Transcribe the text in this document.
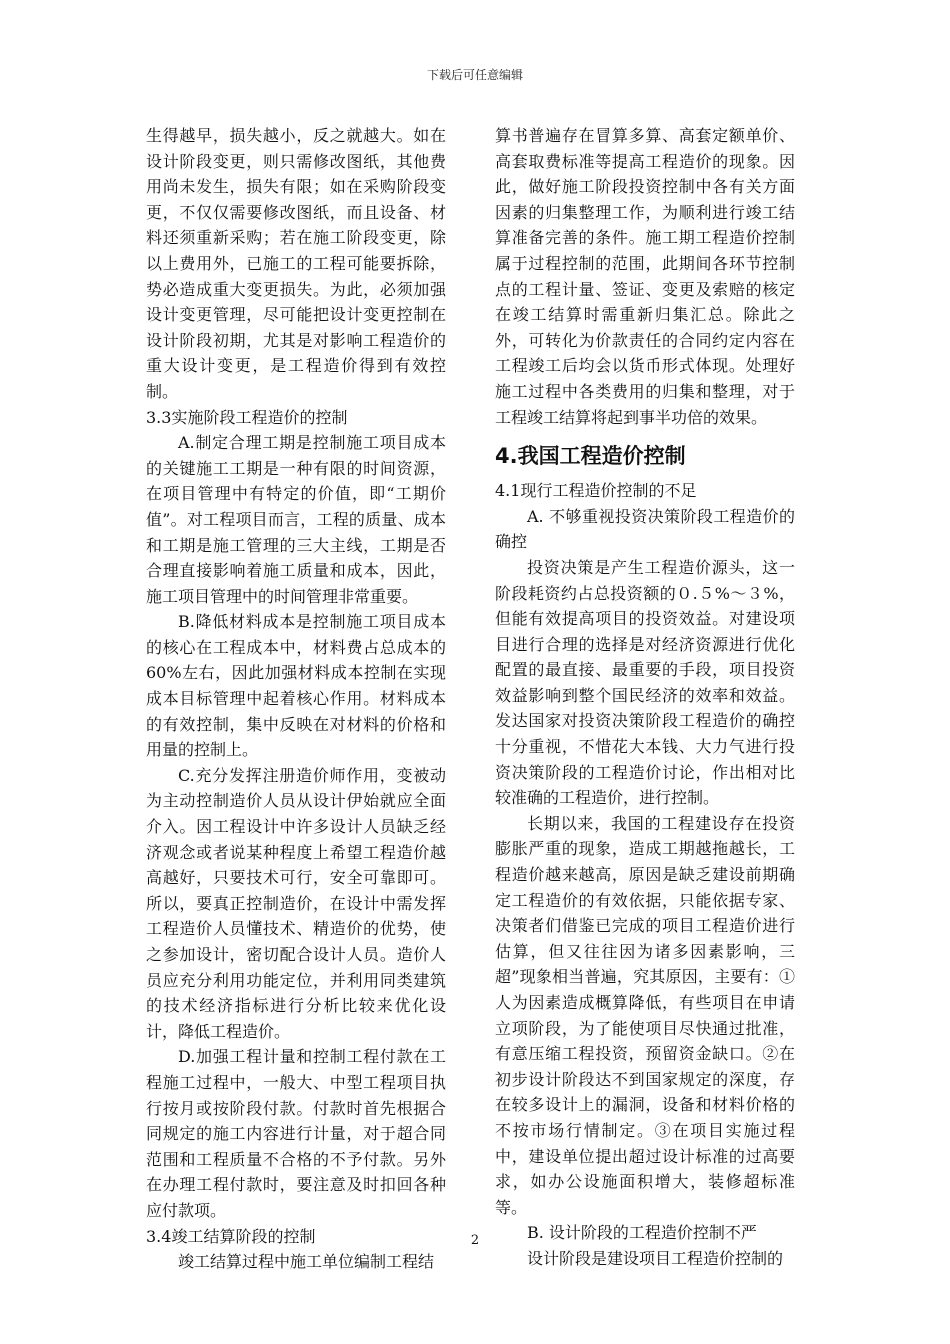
下载后可任意编辑

生得越早，损失越小，反之就越大。如在设计阶段变更，则只需修改图纸，其他费用尚未发生，损失有限；如在采购阶段变更，不仅仅需要修改图纸，而且设备、材料还须重新采购；若在施工阶段变更，除以上费用外，已施工的工程可能要拆除，势必造成重大变更损失。为此，必须加强设计变更管理，尽可能把设计变更控制在设计阶段初期，尤其是对影响工程造价的重大设计变更，是工程造价得到有效控制。

3.3实施阶段工程造价的控制

A.制定合理工期是控制施工项目成本的关键施工工期是一种有限的时间资源，在项目管理中有特定的价值，即“工期价值”。对工程项目而言，工程的质量、成本和工期是施工管理的三大主线，工期是否合理直接影响着施工质量和成本，因此，施工项目管理中的时间管理非常重要。

B.降低材料成本是控制施工项目成本的核心在工程成本中，材料费占总成本的60%左右，因此加强材料成本控制在实现成本目标管理中起着核心作用。材料成本的有效控制，集中反映在对材料的价格和用量的控制上。

C.充分发挥注册造价师作用，变被动为主动控制造价人员从设计伊始就应全面介入。因工程设计中许多设计人员缺乏经济观念或者说某种程度上希望工程造价越高越好，只要技术可行，安全可靠即可。所以，要真正控制造价，在设计中需发挥工程造价人员懂技术、精造价的优势，使之参加设计，密切配合设计人员。造价人员应充分利用功能定位，并利用同类建筑的技术经济指标进行分析比较来优化设计，降低工程造价。

D.加强工程计量和控制工程付款在工程施工过程中，一般大、中型工程项目执行按月或按阶段付款。付款时首先根据合同规定的施工内容进行计量，对于超合同范围和工程质量不合格的不予付款。另外在办理工程付款时，要注意及时扣回各种应付款项。

3.4竣工结算阶段的控制

竣工结算过程中施工单位编制工程结

算书普遍存在冒算多算、高套定额单价、高套取费标准等提高工程造价的现象。因此，做好施工阶段投资控制中各有关方面因素的归集整理工作，为顺利进行竣工结算准备完善的条件。施工期工程造价控制属于过程控制的范围，此期间各环节控制点的工程计量、签证、变更及索赔的核定在竣工结算时需重新归集汇总。除此之外，可转化为价款责任的合同约定内容在工程竣工后均会以货币形式体现。处理好施工过程中各类费用的归集和整理，对于工程竣工结算将起到事半功倍的效果。

4.我国工程造价控制

4.1现行工程造价控制的不足

A. 不够重视投资决策阶段工程造价的确控

投资决策是产生工程造价源头，这一阶段耗资约占总投资额的０.５%～３%，但能有效提高项目的投资效益。对建设项目进行合理的选择是对经济资源进行优化配置的最直接、最重要的手段，项目投资效益影响到整个国民经济的效率和效益。发达国家对投资决策阶段工程造价的确控十分重视，不惜花大本钱、大力气进行投资决策阶段的工程造价讨论，作出相对比较准确的工程造价，进行控制。

长期以来，我国的工程建设存在投资膨胀严重的现象，造成工期越拖越长，工程造价越来越高，原因是缺乏建设前期确定工程造价的有效依据，只能依据专家、决策者们借鉴已完成的项目工程造价进行估算，但又往往因为诸多因素影响，三超”现象相当普遍，究其原因，主要有：①人为因素造成概算降低，有些项目在申请立项阶段，为了能使项目尽快通过批准，有意压缩工程投资，预留资金缺口。②在初步设计阶段达不到国家规定的深度，存在较多设计上的漏洞，设备和材料价格的不按市场行情制定。③在项目实施过程中，建设单位提出超过设计标准的过高要求，如办公设施面积增大，装修超标准等。

B. 设计阶段的工程造价控制不严

设计阶段是建设项目工程造价控制的

2
